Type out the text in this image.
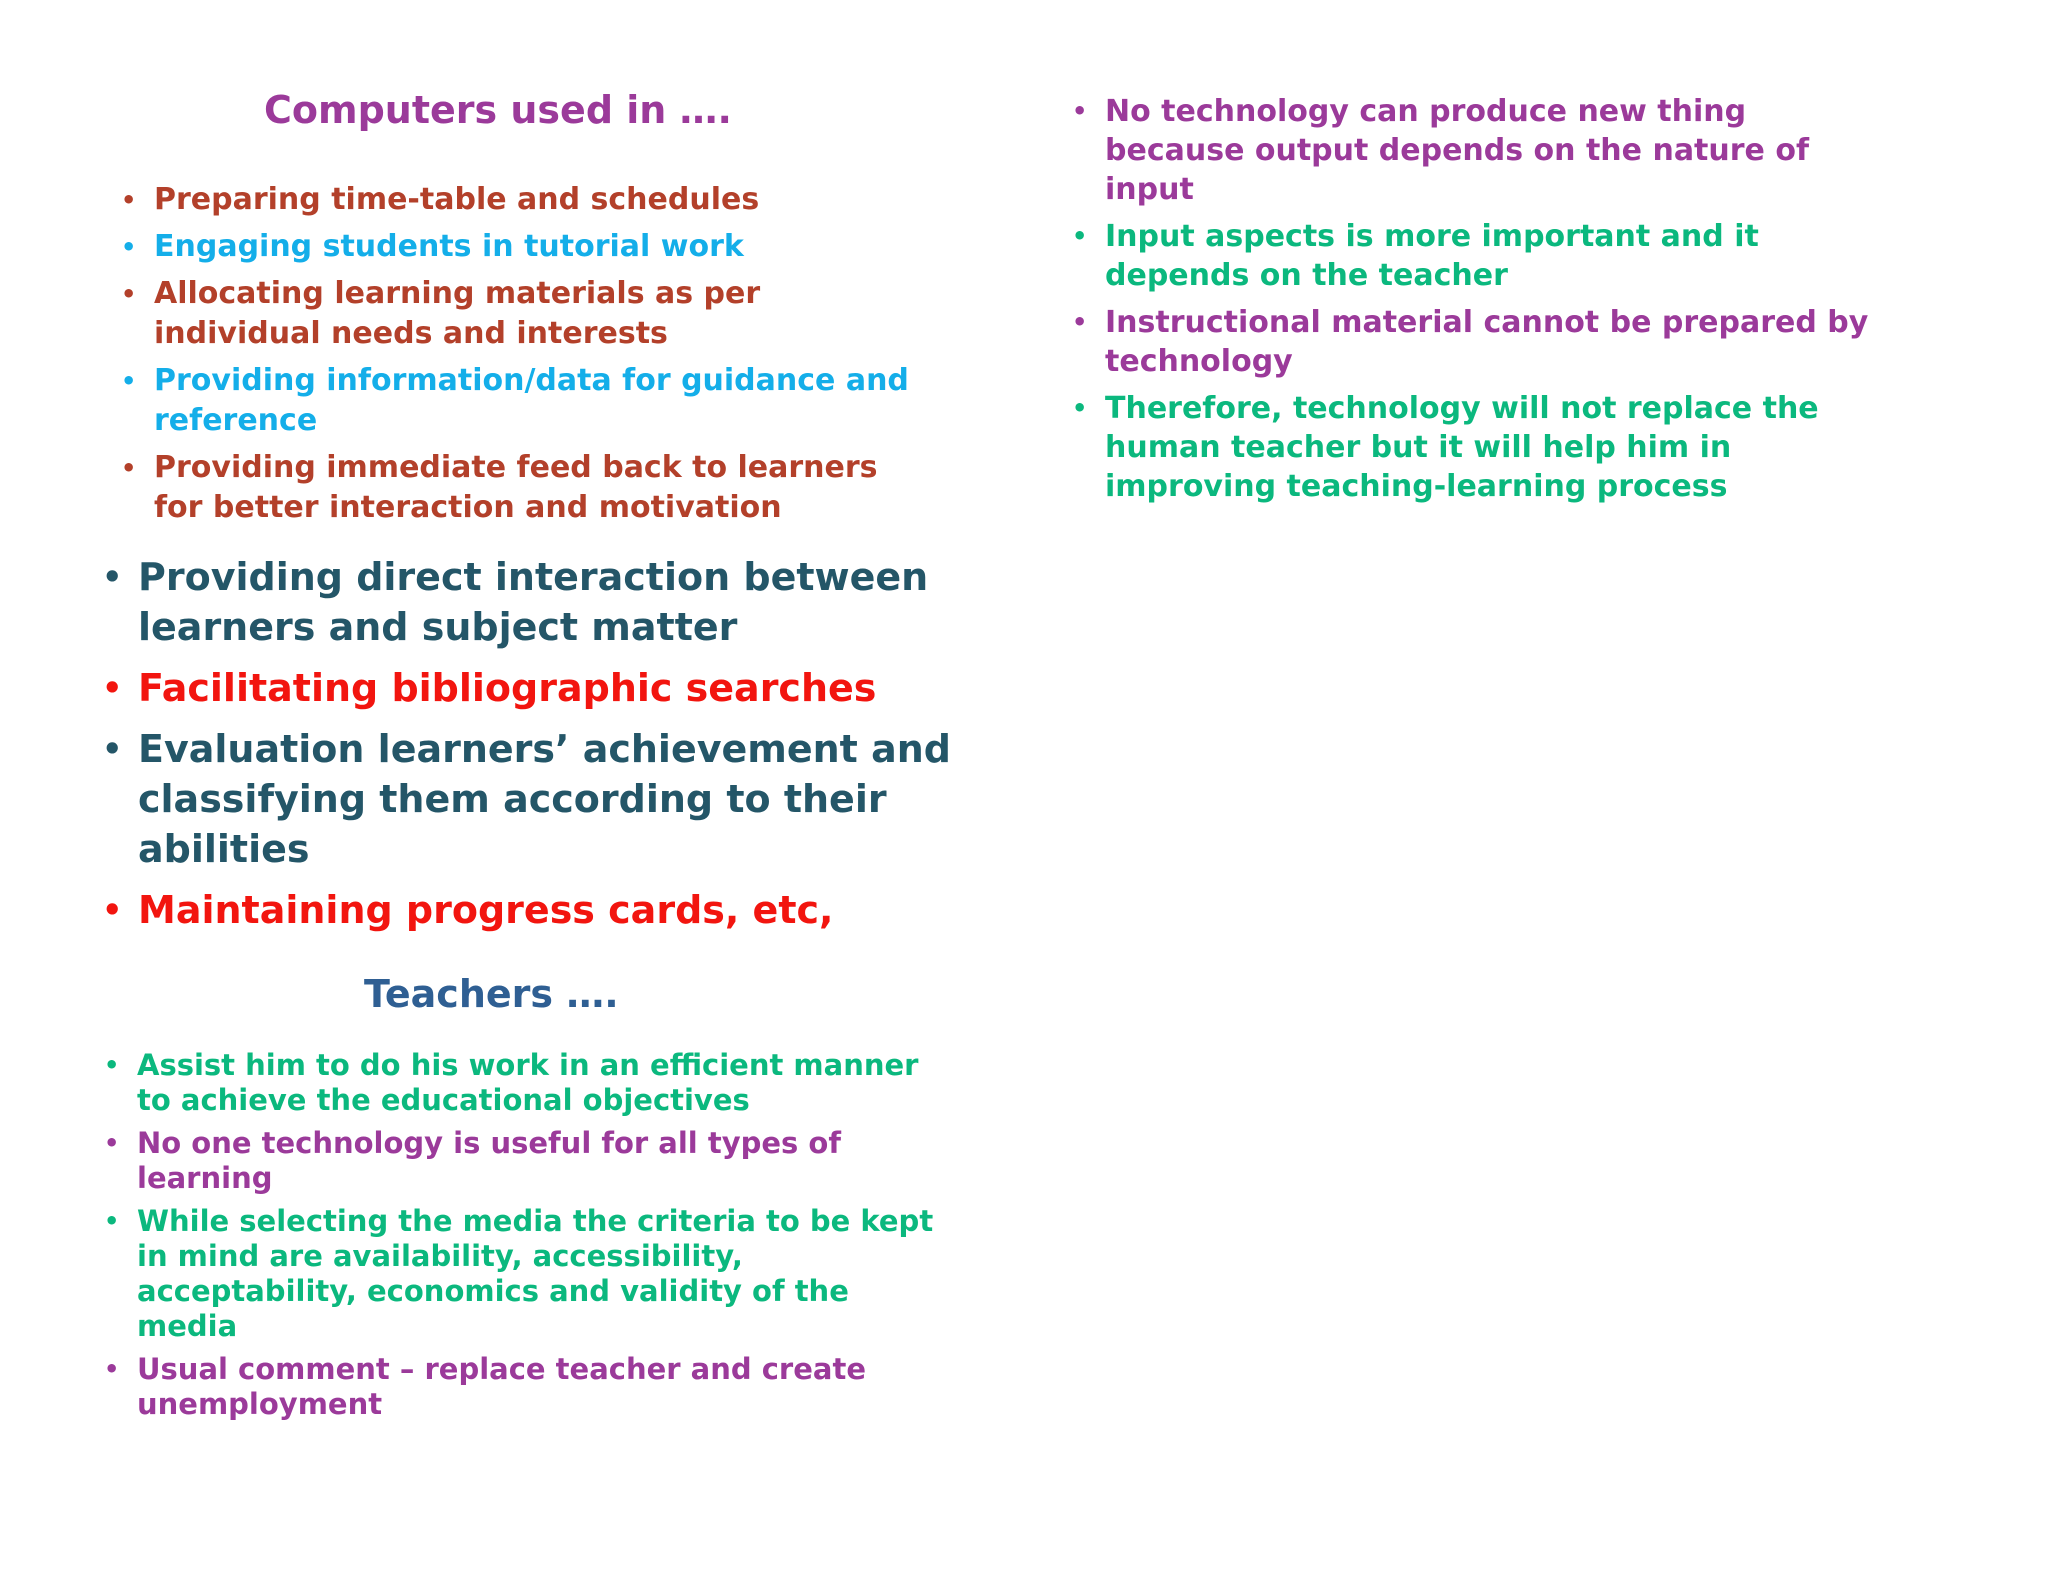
Computers used in ….
• Preparing time-table and schedules
• Engaging students in tutorial work
• Allocating learning materials as per individual needs and interests
• Providing information/data for guidance and reference
• Providing immediate feed back to learners for better interaction and motivation
• Providing direct interaction between learners and subject matter
• Facilitating bibliographic searches
• Evaluation learners’ achievement and classifying them according to their abilities
• Maintaining progress cards, etc,
Teachers ….
• Assist him to do his work in an efficient manner to achieve the educational objectives
• No one technology is useful for all types of learning
• While selecting the media the criteria to be kept in mind are availability, accessibility, acceptability, economics and validity of the media
• Usual comment – replace teacher and create unemployment
• No technology can produce new thing because output depends on the nature of input
• Input aspects is more important and it depends on the teacher
• Instructional material cannot be prepared by technology
• Therefore, technology will not replace the human teacher but it will help him in improving teaching-learning process
